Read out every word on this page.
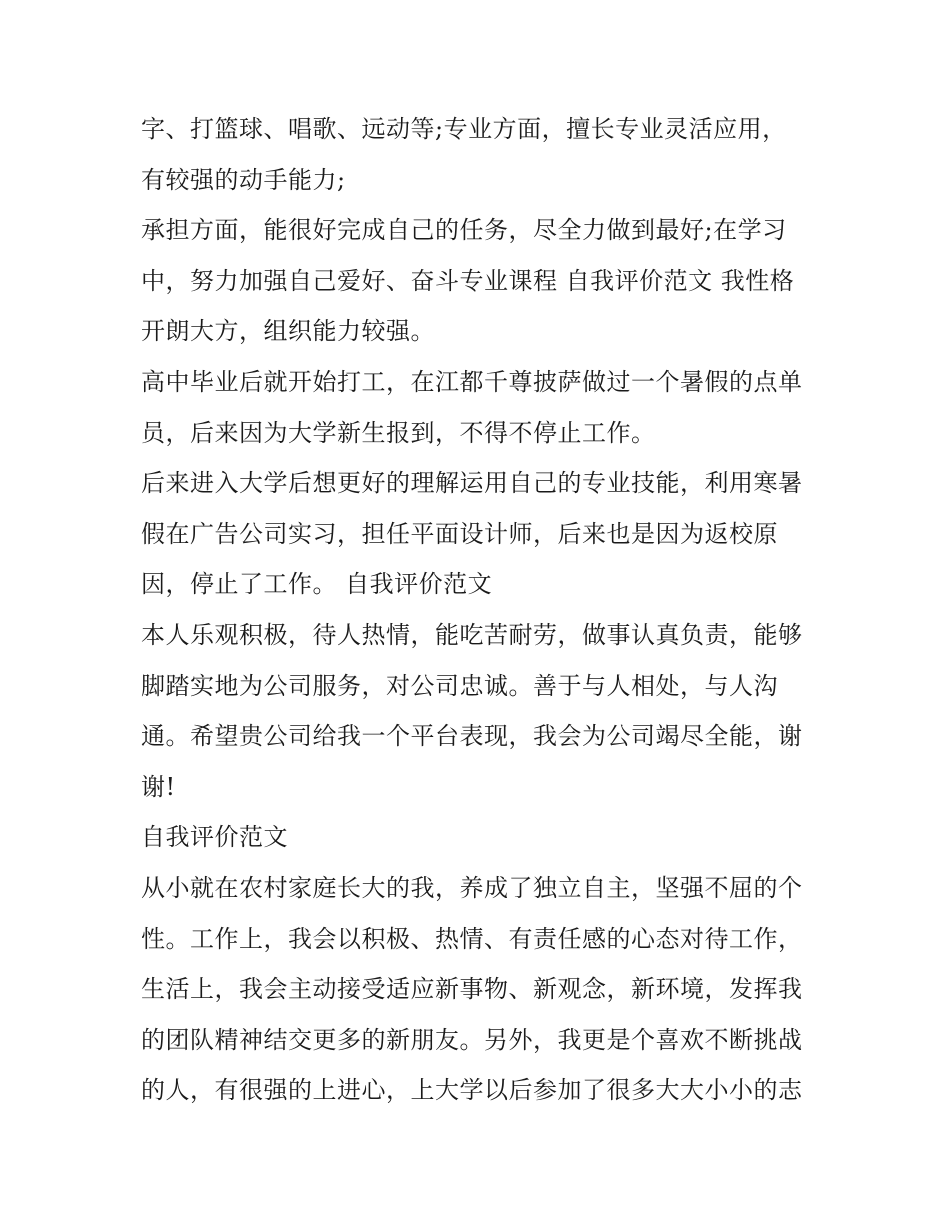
字、打篮球、唱歌、远动等;专业方面，擅长专业灵活应用，

有较强的动手能力;

承担方面，能很好完成自己的任务，尽全力做到最好;在学习

中，努力加强自己爱好、奋斗专业课程 自我评价范文 我性格

开朗大方，组织能力较强。

高中毕业后就开始打工，在江都千尊披萨做过一个暑假的点单

员，后来因为大学新生报到，不得不停止工作。

后来进入大学后想更好的理解运用自己的专业技能，利用寒暑

假在广告公司实习，担任平面设计师，后来也是因为返校原

因，停止了工作。 自我评价范文

本人乐观积极，待人热情，能吃苦耐劳，做事认真负责，能够

脚踏实地为公司服务，对公司忠诚。善于与人相处，与人沟

通。希望贵公司给我一个平台表现，我会为公司竭尽全能，谢

谢!

自我评价范文

从小就在农村家庭长大的我，养成了独立自主，坚强不屈的个

性。工作上，我会以积极、热情、有责任感的心态对待工作，

生活上，我会主动接受适应新事物、新观念，新环境，发挥我

的团队精神结交更多的新朋友。另外，我更是个喜欢不断挑战

的人，有很强的上进心，上大学以后参加了很多大大小小的志
